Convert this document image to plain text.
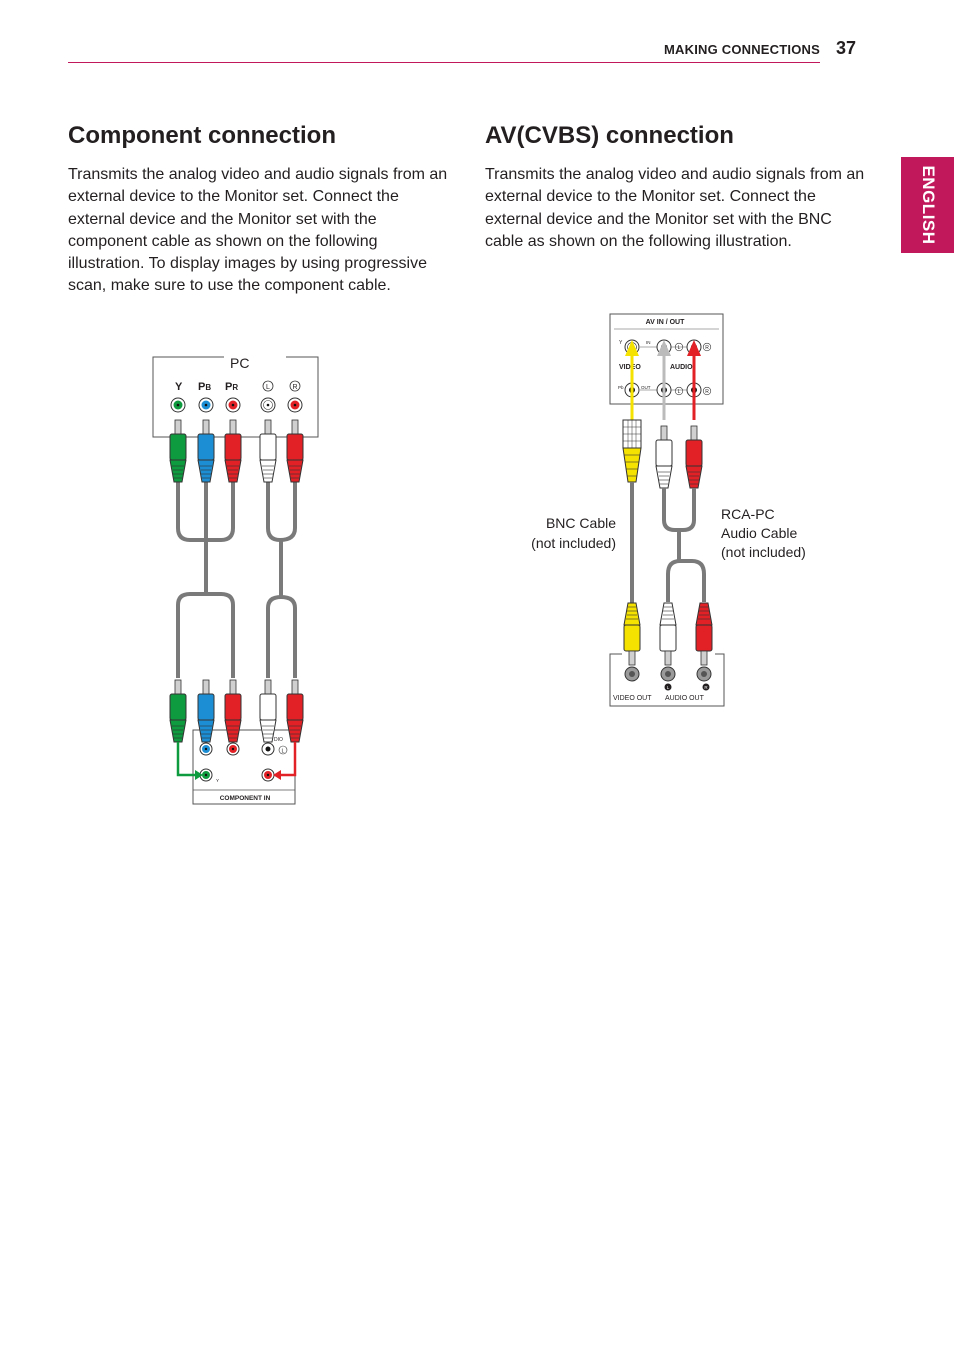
MAKING CONNECTIONS 37
ENGLISH
Component connection

Transmits the analog video and audio signals from an external device to the Monitor set. Connect the external device and the Monitor set with the component cable as shown on the following illustration. To display images by using progressive scan, make sure to use the component cable.

AV(CVBS) connection

Transmits the analog video and audio signals from an external device to the Monitor set. Connect the external device and the Monitor set with the BNC cable as shown on the following illustration.

PC
Y PB PR	L	R
COMPONENT IN
DIO
Y
L
AV IN / OUT
Y	IN
VIDEO	AUDIO
Pb	OUT
L	R
L	R
L	R
VIDEO OUT AUDIO OUT
BNC Cable
(not included)
RCA-PC
Audio Cable
(not included)
